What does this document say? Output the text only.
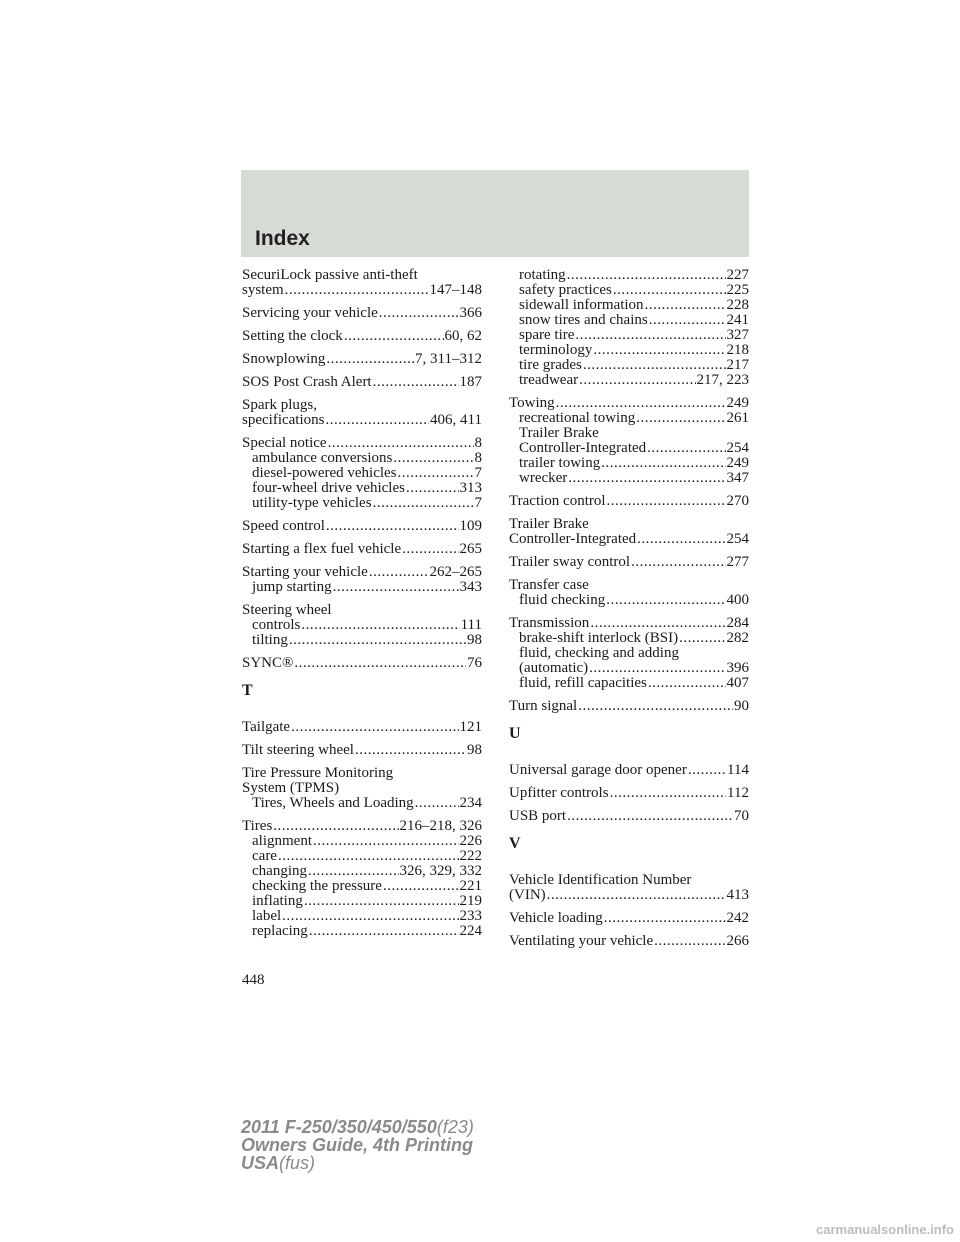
Index
SecuriLock passive anti-theft
system .....	147–148
Servicing your vehicle .....	366
Setting the clock .....	60, 62
Snowplowing .....	7, 311–312
SOS Post Crash Alert .....	187
Spark plugs,
specifications .....	406, 411
Special notice .....	8
ambulance conversions .....	8
diesel-powered vehicles .....	7
four-wheel drive vehicles .....	313
utility-type vehicles .....	7
Speed control .....	109
Starting a flex fuel vehicle .....	265
Starting your vehicle .....	262–265
jump starting .....	343
Steering wheel
controls .....	111
tilting .....	98
SYNC® .....	76
T
Tailgate .....	121
Tilt steering wheel .....	98
Tire Pressure Monitoring
System (TPMS)
Tires, Wheels and Loading .....	234
Tires .....	216–218, 326
alignment .....	226
care .....	222
changing .....	326, 329, 332
checking the pressure .....	221
inflating .....	219
label .....	233
replacing .....	224
rotating .....	227
safety practices .....	225
sidewall information .....	228
snow tires and chains .....	241
spare tire .....	327
terminology .....	218
tire grades .....	217
treadwear .....	217, 223
Towing .....	249
recreational towing .....	261
Trailer Brake
Controller-Integrated .....	254
trailer towing .....	249
wrecker .....	347
Traction control .....	270
Trailer Brake
Controller-Integrated .....	254
Trailer sway control .....	277
Transfer case
fluid checking .....	400
Transmission .....	284
brake-shift interlock (BSI) .....	282
fluid, checking and adding
(automatic) .....	396
fluid, refill capacities .....	407
Turn signal .....	90
U
Universal garage door opener .....	114
Upfitter controls .....	112
USB port .....	70
V
Vehicle Identification Number
(VIN) .....	413
Vehicle loading .....	242
Ventilating your vehicle .....	266
448
2011 F-250/350/450/550(f23)
Owners Guide, 4th Printing
USA(fus)
carmanualsonline.info
